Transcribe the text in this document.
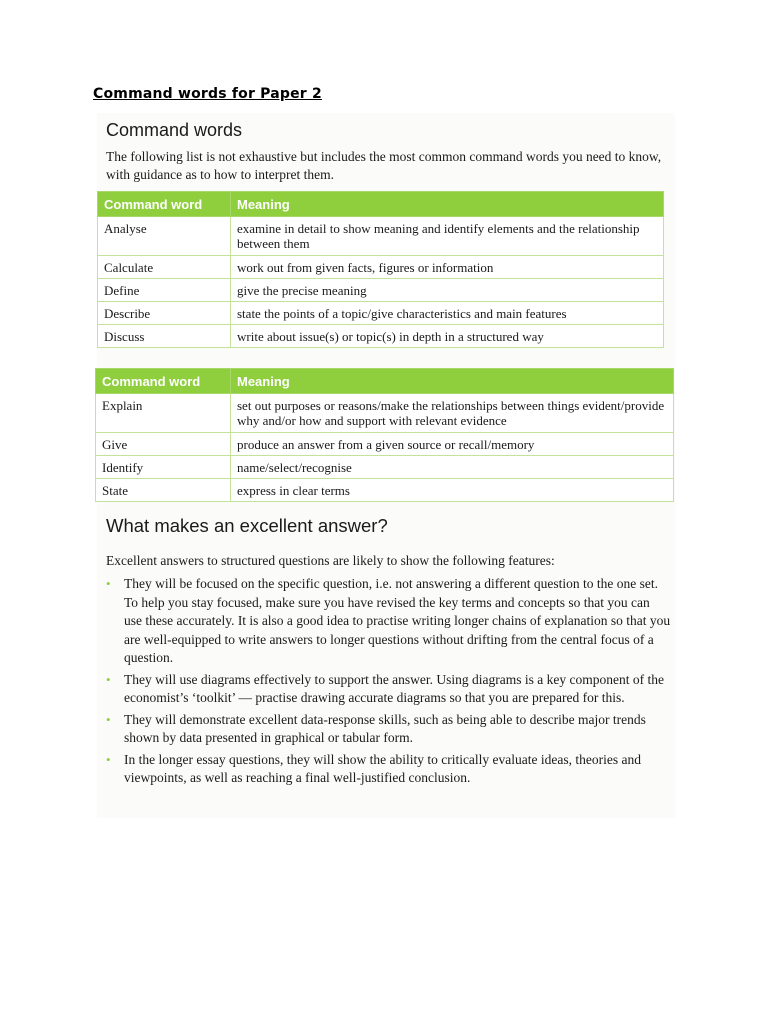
Command words for Paper 2
Command words
The following list is not exhaustive but includes the most common command words you need to know, with guidance as to how to interpret them.
Command word	Meaning
Analyse	examine in detail to show meaning and identify elements and the relationship between them
Calculate	work out from given facts, figures or information
Define	give the precise meaning
Describe	state the points of a topic/give characteristics and main features
Discuss	write about issue(s) or topic(s) in depth in a structured way
Command word	Meaning
Explain	set out purposes or reasons/make the relationships between things evident/provide why and/or how and support with relevant evidence
Give	produce an answer from a given source or recall/memory
Identify	name/select/recognise
State	express in clear terms
What makes an excellent answer?
Excellent answers to structured questions are likely to show the following features:
• They will be focused on the specific question, i.e. not answering a different question to the one set. To help you stay focused, make sure you have revised the key terms and concepts so that you can use these accurately. It is also a good idea to practise writing longer chains of explanation so that you are well-equipped to write answers to longer questions without drifting from the central focus of a question.
• They will use diagrams effectively to support the answer. Using diagrams is a key component of the economist’s ‘toolkit’ — practise drawing accurate diagrams so that you are prepared for this.
• They will demonstrate excellent data-response skills, such as being able to describe major trends shown by data presented in graphical or tabular form.
• In the longer essay questions, they will show the ability to critically evaluate ideas, theories and viewpoints, as well as reaching a final well-justified conclusion.
